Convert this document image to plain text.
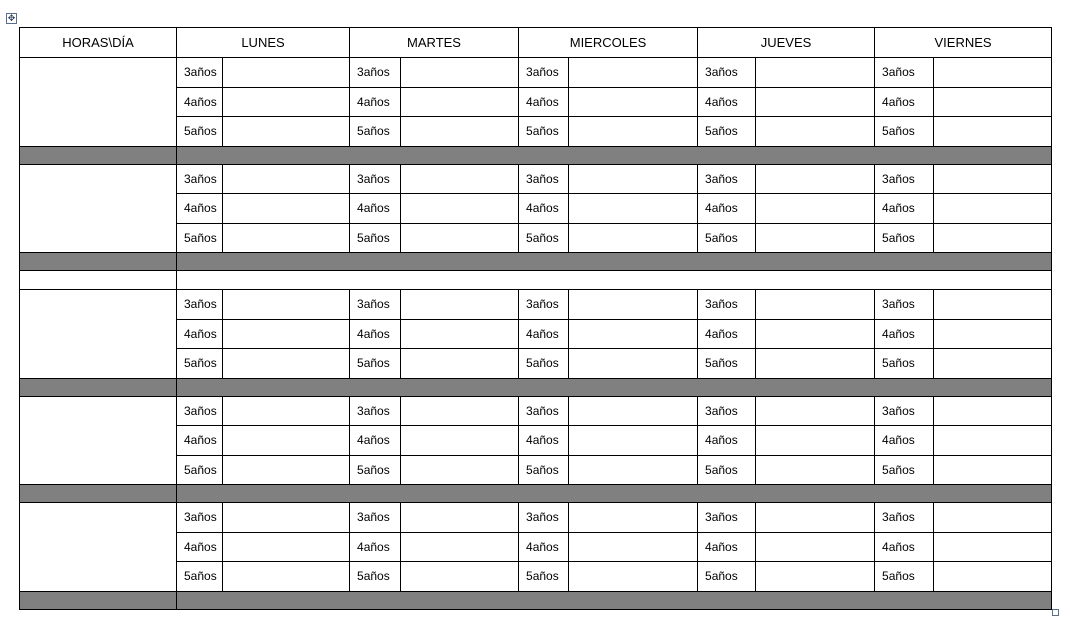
✥
HORAS\DÍA	LUNES		MARTES		MIERCOLES		JUEVES		VIERNES	
	3años		3años		3años		3años		3años	
	4años		4años		4años		4años		4años	
	5años		5años		5años		5años		5años	

	3años		3años		3años		3años		3años	
	4años		4años		4años		4años		4años	
	5años		5años		5años		5años		5años	

	3años		3años		3años		3años		3años	
	4años		4años		4años		4años		4años	
	5años		5años		5años		5años		5años	

	3años		3años		3años		3años		3años	
	4años		4años		4años		4años		4años	
	5años		5años		5años		5años		5años	

	3años		3años		3años		3años		3años	
	4años		4años		4años		4años		4años	
	5años		5años		5años		5años		5años	
